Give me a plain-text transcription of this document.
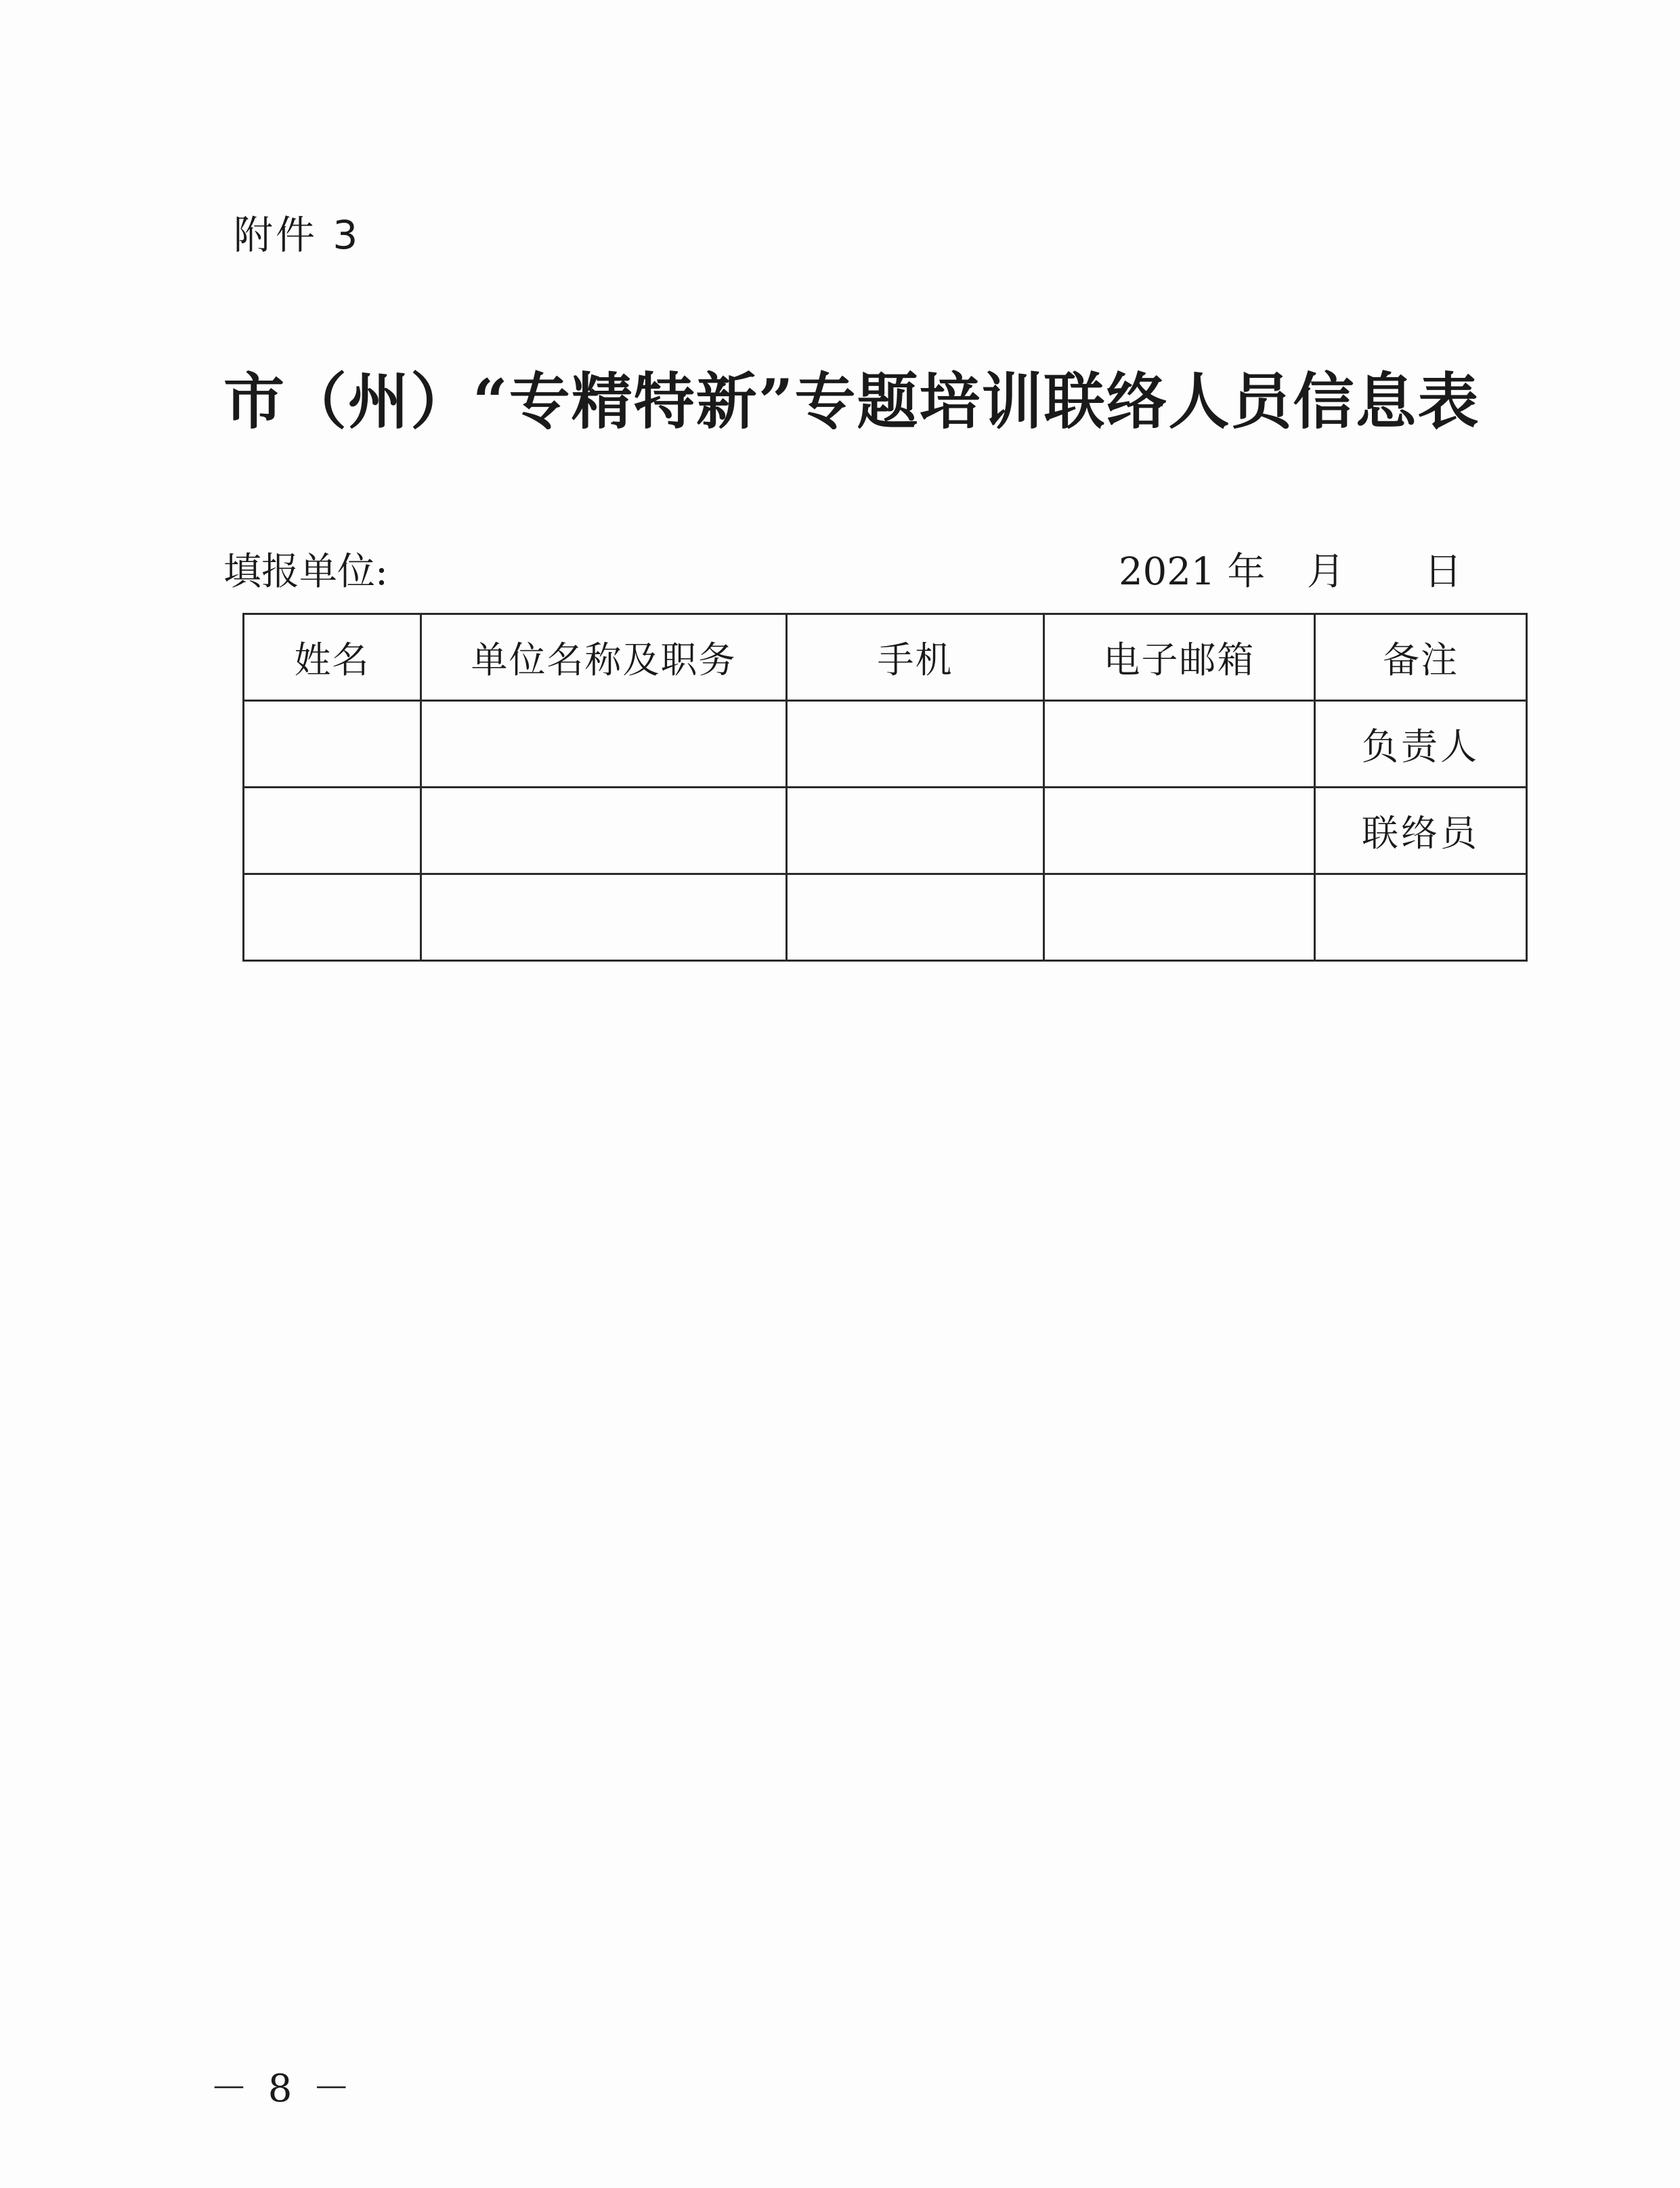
附件 3
市（州）“专精特新”专题培训联络人员信息表
填报单位:	2021 年 月 日
姓名	单位名称及职务	手机	电子邮箱	备注
				负责人
				联络员

－ 8 －
